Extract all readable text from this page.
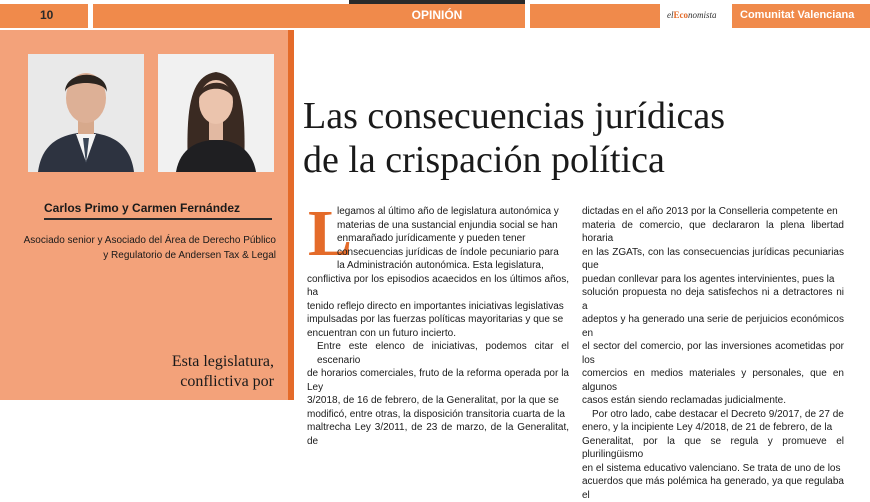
10	OPINIÓN	elEconomista Comunitat Valenciana
Carlos Primo y Carmen Fernández
Asociado senior y Asociado del Área de Derecho Público y Regulatorio de Andersen Tax & Legal
Esta legislatura, conflictiva por
Las consecuencias jurídicas
de la crispación política
L

legamos al último año de legislatura autonómica y
materias de una sustancial enjundia social se han
enmarañado jurídicamente y pueden tener
consecuencias jurídicas de índole pecuniario para
la Administración autonómica. Esta legislatura,
conflictiva por los episodios acaecidos en los últimos años, ha
tenido reflejo directo en importantes iniciativas legislativas
impulsadas por las fuerzas políticas mayoritarias y que se
encuentran con un futuro incierto.

Entre este elenco de iniciativas, podemos citar el escenario
de horarios comerciales, fruto de la reforma operada por la Ley
3/2018, de 16 de febrero, de la Generalitat, por la que se
modificó, entre otras, la disposición transitoria cuarta de la
maltrecha Ley 3/2011, de 23 de marzo, de la Generalitat, de

dictadas en el año 2013 por la Conselleria competente en
materia de comercio, que declararon la plena libertad horaria
en las ZGATs, con las consecuencias jurídicas pecuniarias que
puedan conllevar para los agentes intervinientes, pues la
solución propuesta no deja satisfechos ni a detractores ni a
adeptos y ha generado una serie de perjuicios económicos en
el sector del comercio, por las inversiones acometidas por los
comercios en medios materiales y personales, que en algunos
casos están siendo reclamadas judicialmente.

Por otro lado, cabe destacar el Decreto 9/2017, de 27 de
enero, y la incipiente Ley 4/2018, de 21 de febrero, de la
Generalitat, por la que se regula y promueve el plurilingüismo
en el sistema educativo valenciano. Se trata de uno de los
acuerdos que más polémica ha generado, ya que regulaba el
